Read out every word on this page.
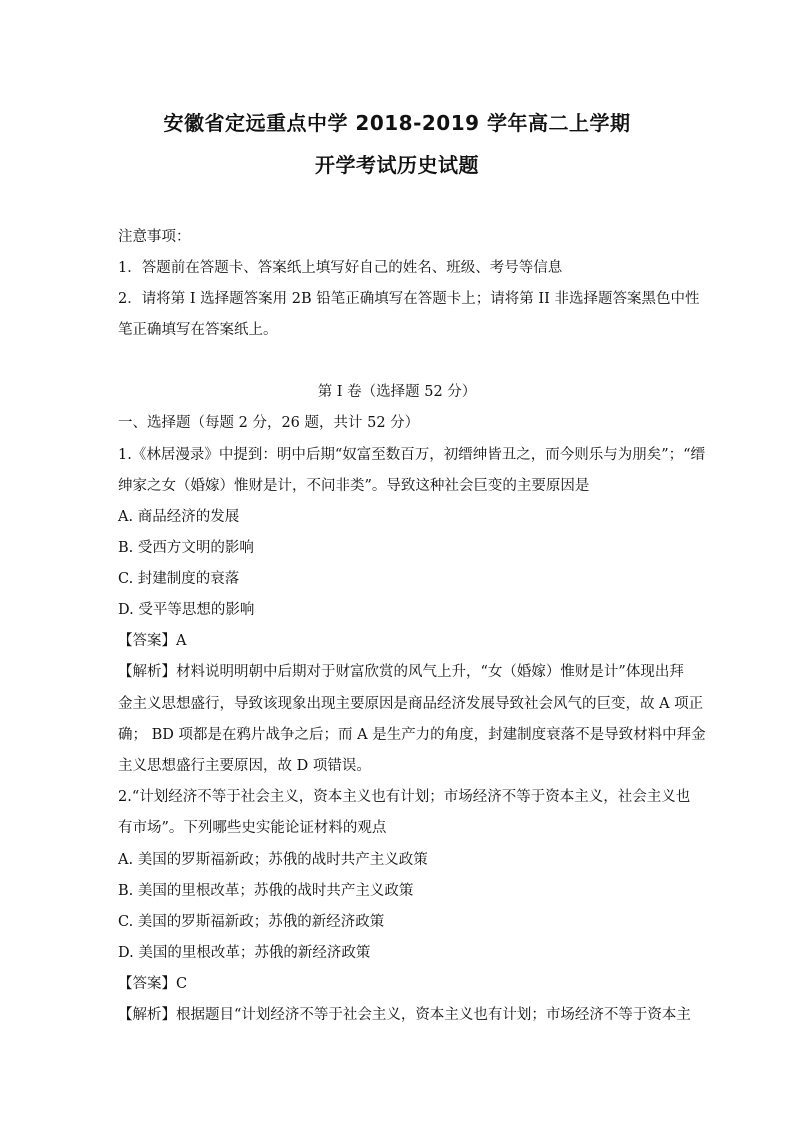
安徽省定远重点中学 2018-2019 学年高二上学期
开学考试历史试题
注意事项：
1．答题前在答题卡、答案纸上填写好自己的姓名、班级、考号等信息
2．请将第 I 选择题答案用 2B 铅笔正确填写在答题卡上；请将第 II 非选择题答案黑色中性
笔正确填写在答案纸上。
第 I 卷（选择题 52 分）
一、选择题（每题 2 分，26 题，共计 52 分）
1.《林居漫录》中提到：明中后期“奴富至数百万，初缙绅皆丑之，而今则乐与为朋矣”；“缙
绅家之女（婚嫁）惟财是计，不问非类”。导致这种社会巨变的主要原因是
A. 商品经济的发展
B. 受西方文明的影响
C. 封建制度的衰落
D. 受平等思想的影响
【答案】A
【解析】材料说明明朝中后期对于财富欣赏的风气上升，“女（婚嫁）惟财是计”体现出拜
金主义思想盛行，导致该现象出现主要原因是商品经济发展导致社会风气的巨变，故 A 项正
确； BD 项都是在鸦片战争之后；而 A 是生产力的角度，封建制度衰落不是导致材料中拜金
主义思想盛行主要原因，故 D 项错误。
2.“计划经济不等于社会主义，资本主义也有计划；市场经济不等于资本主义，社会主义也
有市场”。下列哪些史实能论证材料的观点
A. 美国的罗斯福新政；苏俄的战时共产主义政策
B. 美国的里根改革；苏俄的战时共产主义政策
C. 美国的罗斯福新政；苏俄的新经济政策
D. 美国的里根改革；苏俄的新经济政策
【答案】C
【解析】根据题目“计划经济不等于社会主义，资本主义也有计划；市场经济不等于资本主
